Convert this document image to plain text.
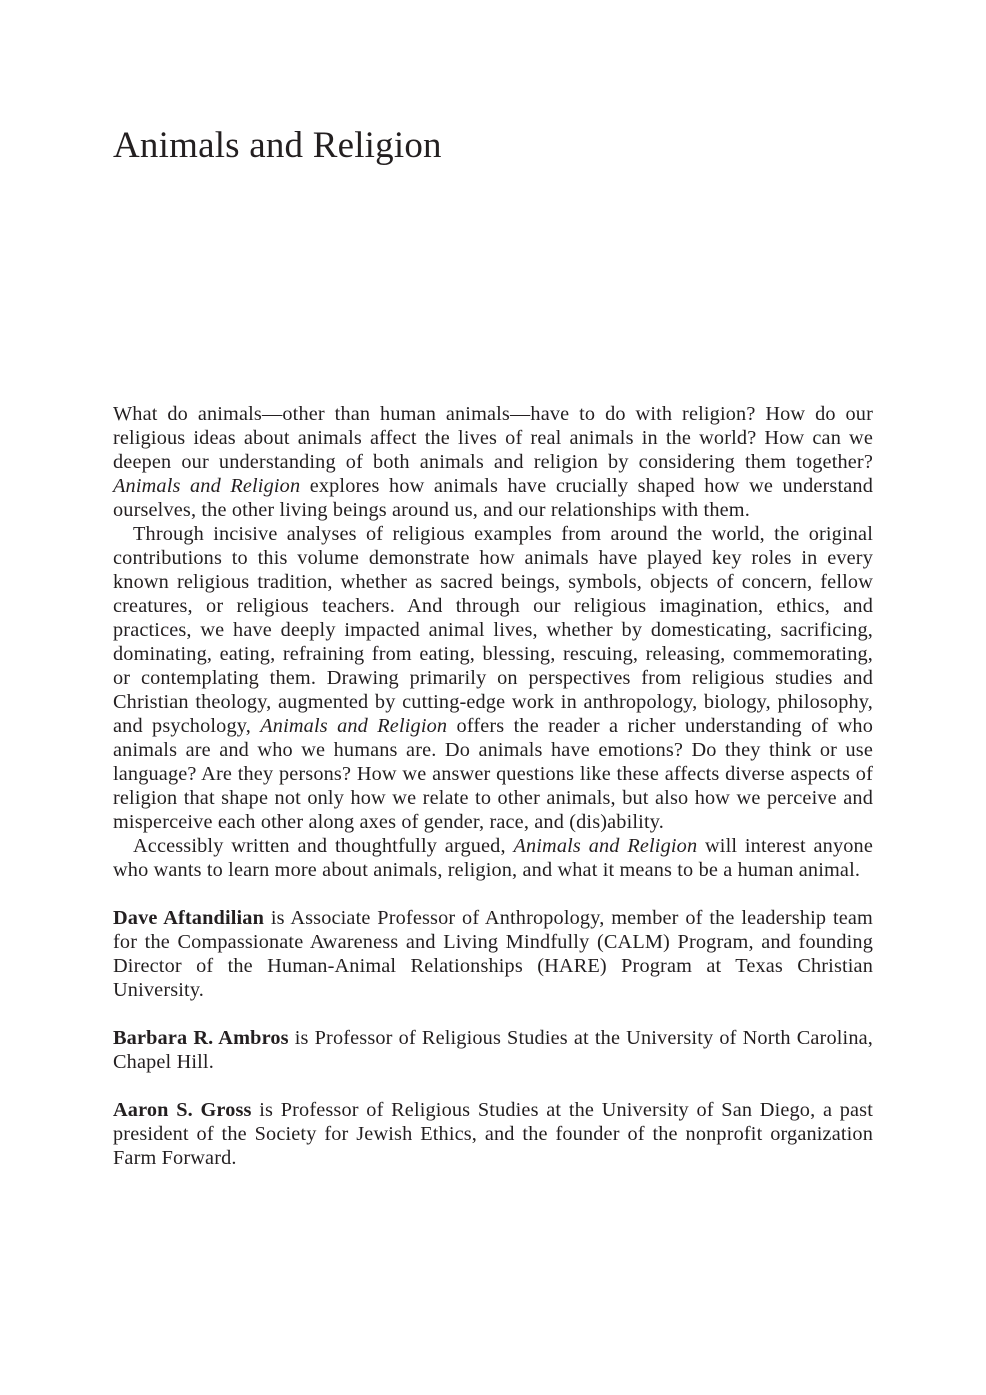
Animals and Religion

What do animals—other than human animals—have to do with religion? How do our religious ideas about animals affect the lives of real animals in the world? How can we deepen our understanding of both animals and religion by considering them together? Animals and Religion explores how animals have crucially shaped how we understand ourselves, the other living beings around us, and our relationships with them.

Through incisive analyses of religious examples from around the world, the original contributions to this volume demonstrate how animals have played key roles in every known religious tradition, whether as sacred beings, symbols, objects of concern, fellow creatures, or religious teachers. And through our religious imagination, ethics, and practices, we have deeply impacted animal lives, whether by domesticating, sacrificing, dominating, eating, refraining from eating, blessing, rescuing, releasing, commemorating, or contemplating them. Drawing primarily on perspectives from religious studies and Christian theology, augmented by cutting-edge work in anthropology, biology, philosophy, and psychology, Animals and Religion offers the reader a richer understanding of who animals are and who we humans are. Do animals have emotions? Do they think or use language? Are they persons? How we answer questions like these affects diverse aspects of religion that shape not only how we relate to other animals, but also how we perceive and misperceive each other along axes of gender, race, and (dis)ability.

Accessibly written and thoughtfully argued, Animals and Religion will interest anyone who wants to learn more about animals, religion, and what it means to be a human animal.

Dave Aftandilian is Associate Professor of Anthropology, member of the leadership team for the Compassionate Awareness and Living Mindfully (CALM) Program, and founding Director of the Human-Animal Relationships (HARE) Program at Texas Christian University.

Barbara R. Ambros is Professor of Religious Studies at the University of North Carolina, Chapel Hill.

Aaron S. Gross is Professor of Religious Studies at the University of San Diego, a past president of the Society for Jewish Ethics, and the founder of the nonprofit organization Farm Forward.
